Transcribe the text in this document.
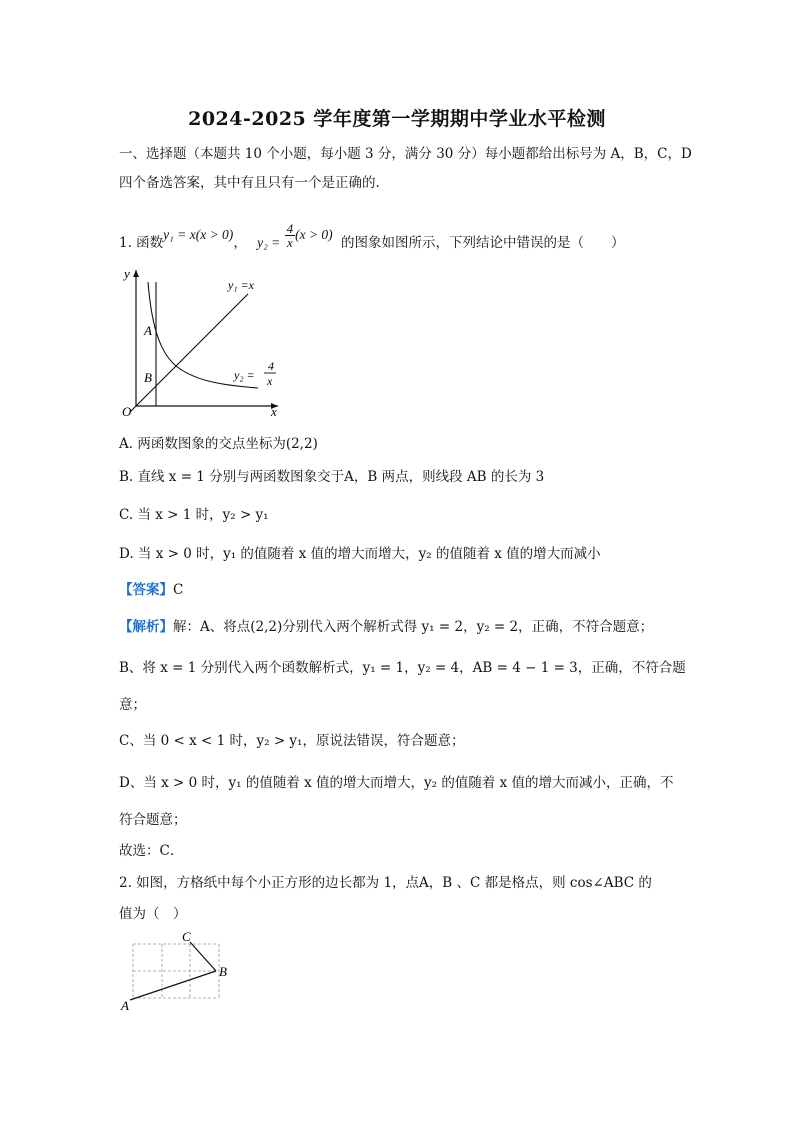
2024-2025 学年度第一学期期中学业水平检测
一、选择题（本题共 10 个小题，每小题 3 分，满分 30 分）每小题都给出标号为 A，B，C，D
四个备选答案，其中有且只有一个是正确的.
1. 函数y₁ = x(x > 0)， $y_2 = \frac{4}{x} (x > 0)$ 的图象如图所示，下列结论中错误的是（　　）
y
x
O
A
B
y₁ =x
y₂ =
4
x
A. 两函数图象的交点坐标为(2,2)
B. 直线 x = 1 分别与两函数图象交于A，B 两点，则线段 AB 的长为 3
C. 当 x > 1 时，y₂ > y₁
D. 当 x > 0 时，y₁ 的值随着 x 值的增大而增大，y₂ 的值随着 x 值的增大而减小
【答案】C
【解析】解：A、将点(2,2)分别代入两个解析式得 y₁ = 2，y₂ = 2，正确，不符合题意；
B、将 x = 1 分别代入两个函数解析式，y₁ = 1，y₂ = 4，AB = 4 − 1 = 3，正确，不符合题
意；
C、当 0 < x < 1 时，y₂ > y₁，原说法错误，符合题意；
D、当 x > 0 时，y₁ 的值随着 x 值的增大而增大，y₂ 的值随着 x 值的增大而减小，正确，不
符合题意；
故选：C．
2. 如图，方格纸中每个小正方形的边长都为 1，点A，B 、C 都是格点，则 cos∠ABC 的
值为（　）
A
B
C
